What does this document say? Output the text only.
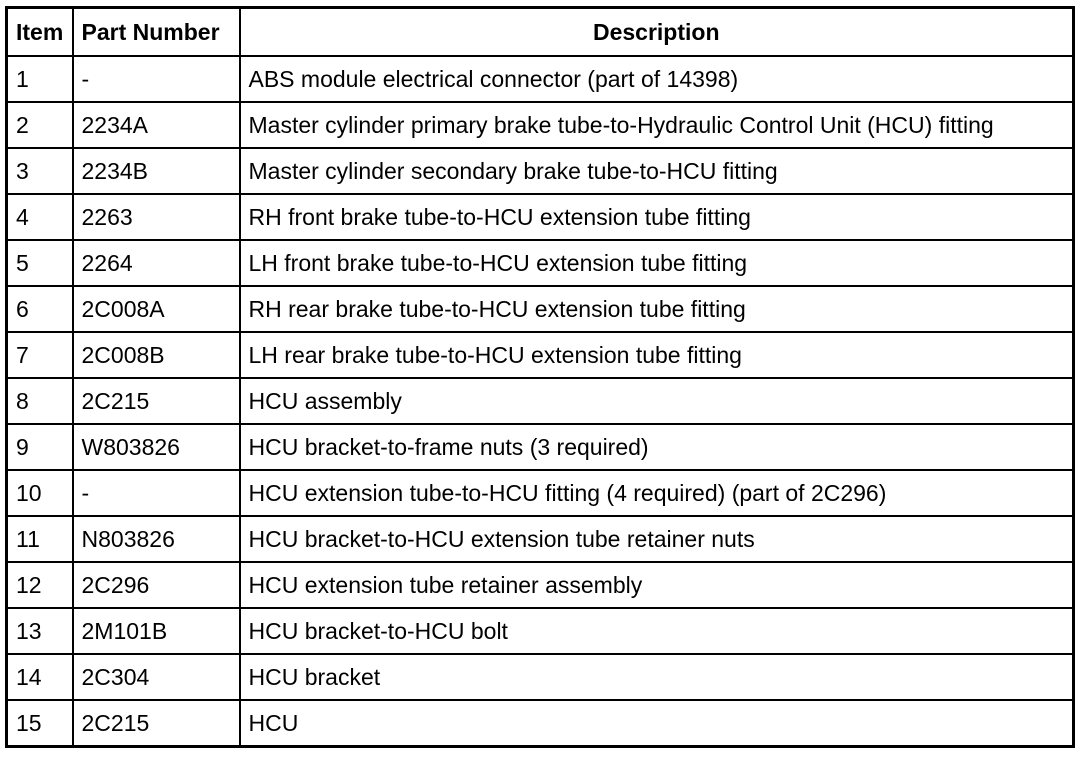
Item	Part Number	Description
1	-	ABS module electrical connector (part of 14398)
2	2234A	Master cylinder primary brake tube-to-Hydraulic Control Unit (HCU) fitting
3	2234B	Master cylinder secondary brake tube-to-HCU fitting
4	2263	RH front brake tube-to-HCU extension tube fitting
5	2264	LH front brake tube-to-HCU extension tube fitting
6	2C008A	RH rear brake tube-to-HCU extension tube fitting
7	2C008B	LH rear brake tube-to-HCU extension tube fitting
8	2C215	HCU assembly
9	W803826	HCU bracket-to-frame nuts (3 required)
10	-	HCU extension tube-to-HCU fitting (4 required) (part of 2C296)
11	N803826	HCU bracket-to-HCU extension tube retainer nuts
12	2C296	HCU extension tube retainer assembly
13	2M101B	HCU bracket-to-HCU bolt
14	2C304	HCU bracket
15	2C215	HCU
